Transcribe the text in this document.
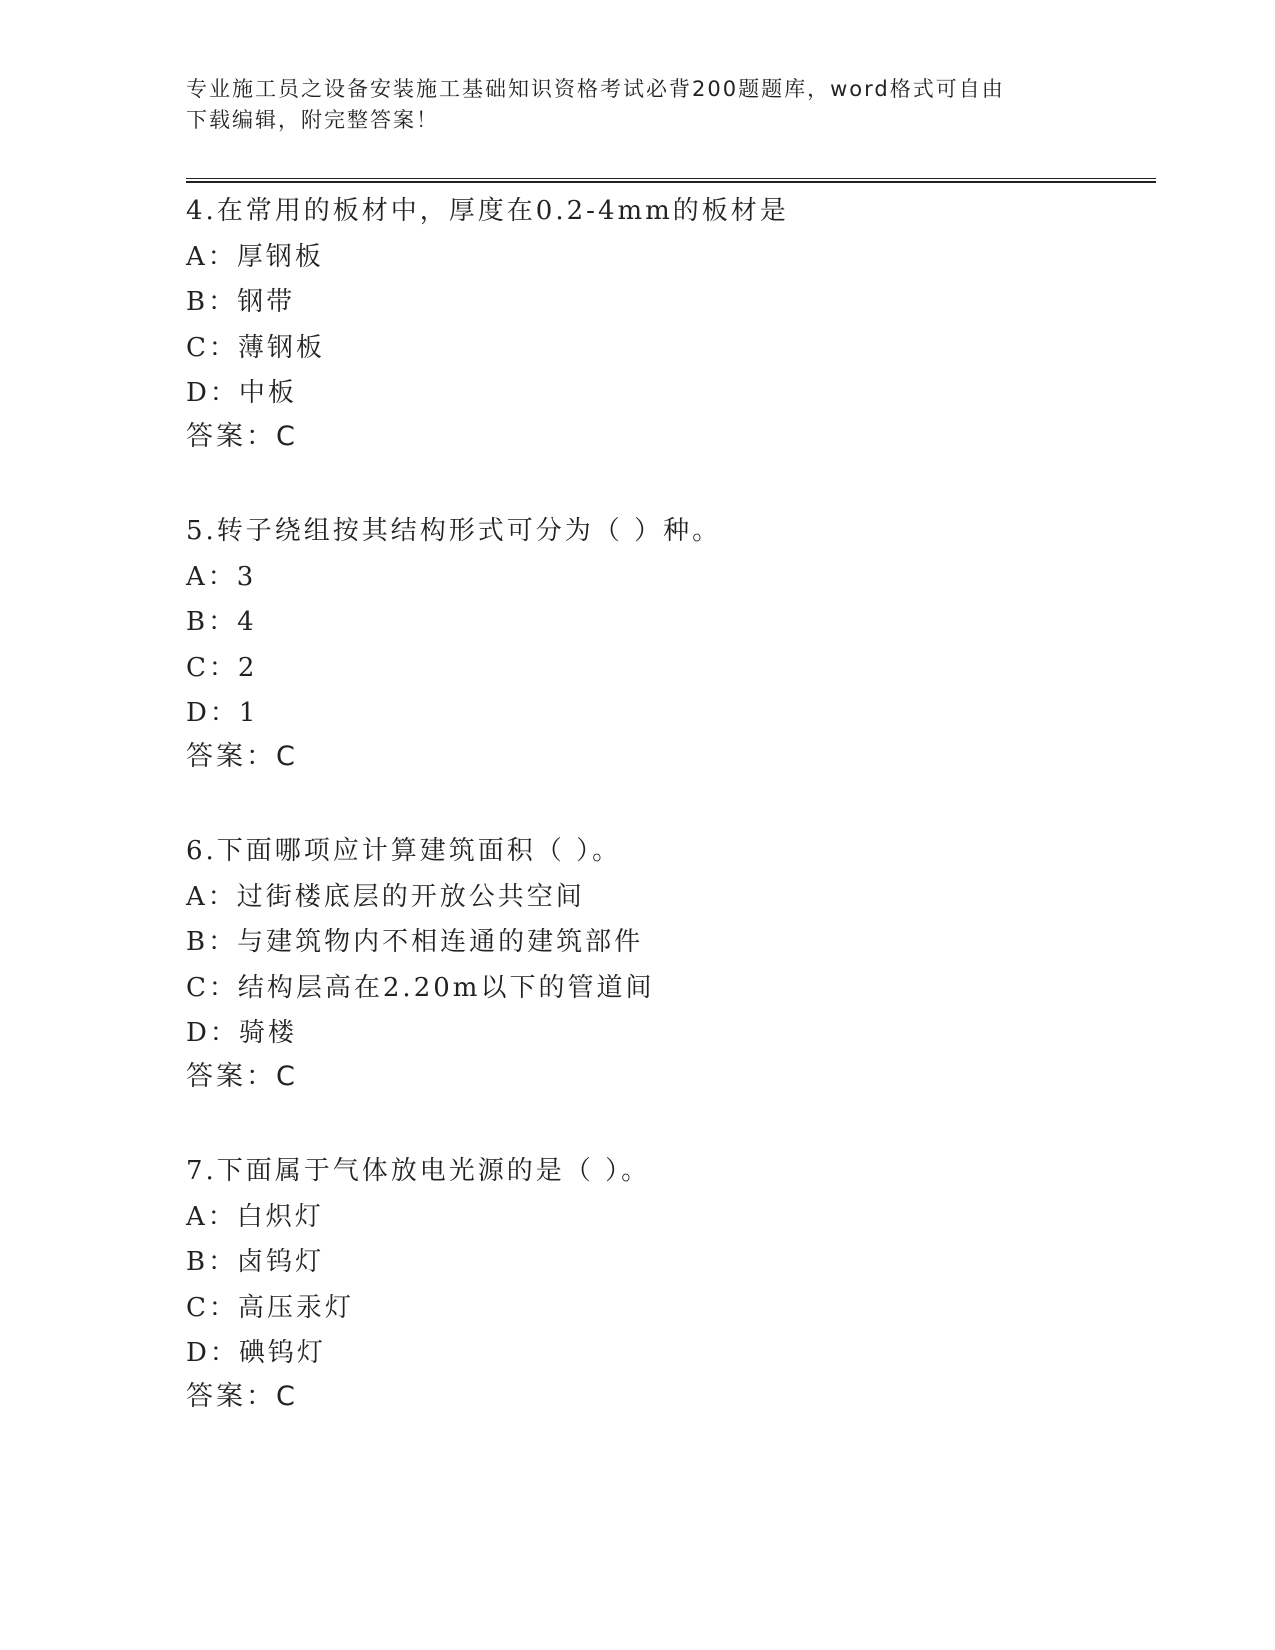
专业施工员之设备安装施工基础知识资格考试必背200题题库，word格式可自由
下载编辑，附完整答案！
4.在常用的板材中，厚度在0.2-4mm的板材是
A：厚钢板
B：钢带
C：薄钢板
D：中板
答案：C
5.转子绕组按其结构形式可分为（ ）种。
A：3
B：4
C：2
D：1
答案：C
6.下面哪项应计算建筑面积（ ）。
A：过街楼底层的开放公共空间
B：与建筑物内不相连通的建筑部件
C：结构层高在2.20m以下的管道间
D：骑楼
答案：C
7.下面属于气体放电光源的是（ ）。
A：白炽灯
B：卤钨灯
C：高压汞灯
D：碘钨灯
答案：C
